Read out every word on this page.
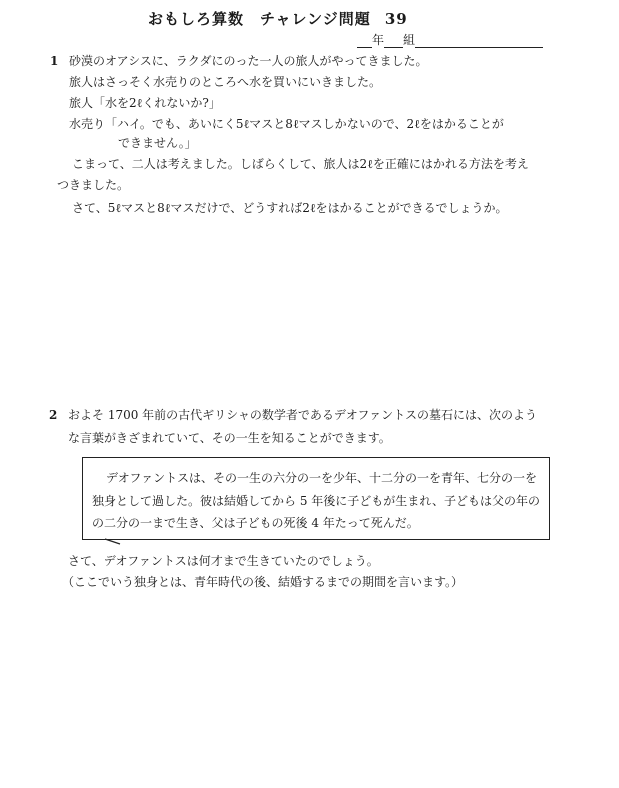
おもしろ算数　チャレンジ問題 39
年 組
1 砂漠のオアシスに、ラクダにのった一人の旅人がやってきました。
旅人はさっそく水売りのところへ水を買いにいきました。
旅人「水を2ℓくれないか?」
水売り「ハイ。でも、あいにく5ℓマスと8ℓマスしかないので、2ℓをはかることが
できません。」
こまって、二人は考えました。しばらくして、旅人は2ℓを正確にはかれる方法を考え
つきました。
さて、5ℓマスと8ℓマスだけで、どうすれば2ℓをはかることができるでしょうか。
2 およそ 1700 年前の古代ギリシャの数学者であるデオファントスの墓石には、次のよう
な言葉がきざまれていて、その一生を知ることができます。
デオファントスは、その一生の六分の一を少年、十二分の一を青年、七分の一を
独身として過した。彼は結婚してから 5 年後に子どもが生まれ、子どもは父の年の
の二分の一まで生き、父は子どもの死後 4 年たって死んだ。
さて、デオファントスは何才まで生きていたのでしょう。
（ここでいう独身とは、青年時代の後、結婚するまでの期間を言います。）
